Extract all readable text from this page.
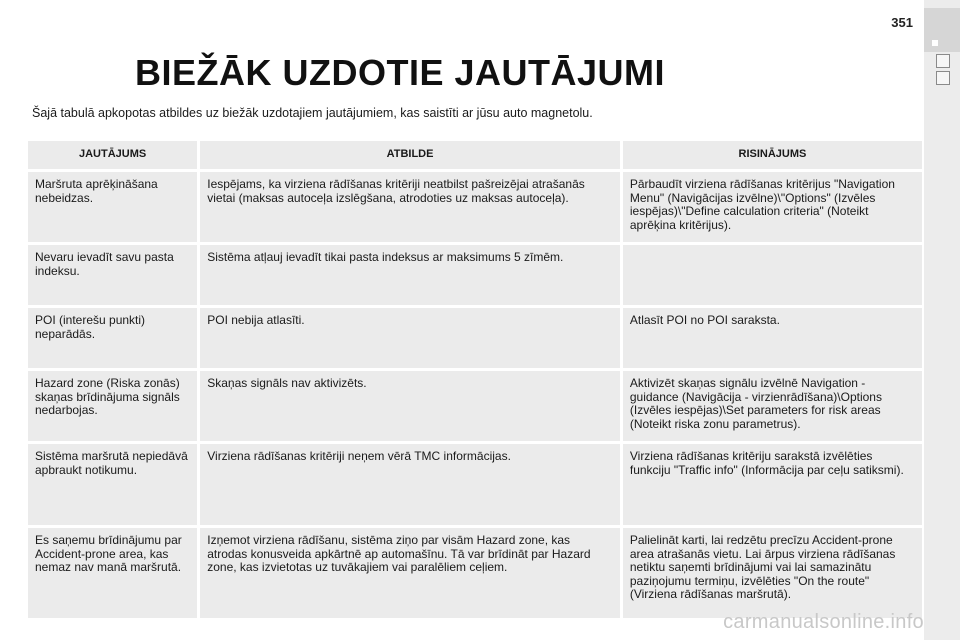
351
BIEŽĀK UZDOTIE JAUTĀJUMI
Šajā tabulā apkopotas atbildes uz biežāk uzdotajiem jautājumiem, kas saistīti ar jūsu auto magnetolu.
JAUTĀJUMS	ATBILDE	RISINĀJUMS
Maršruta aprēķināšana nebeidzas.	Iespējams, ka virziena rādīšanas kritēriji neatbilst pašreizējai atrašanās vietai (maksas autoceļa izslēgšana, atrodoties uz maksas autoceļa).	Pārbaudīt virziena rādīšanas kritērijus "Navigation Menu" (Navigācijas izvēlne)\"Options" (Izvēles iespējas)\"Define calculation criteria" (Noteikt aprēķina kritērijus).
Nevaru ievadīt savu pasta indeksu.	Sistēma atļauj ievadīt tikai pasta indeksus ar maksimums 5 zīmēm.	
POI (interešu punkti) neparādās.	POI nebija atlasīti.	Atlasīt POI no POI saraksta.
Hazard zone (Riska zonās) skaņas brīdinājuma signāls nedarbojas.	Skaņas signāls nav aktivizēts.	Aktivizēt skaņas signālu izvēlnē Navigation - guidance (Navigācija - virzienrādīšana)\Options (Izvēles iespējas)\Set parameters for risk areas (Noteikt riska zonu parametrus).
Sistēma maršrutā nepiedāvā apbraukt notikumu.	Virziena rādīšanas kritēriji neņem vērā TMC informācijas.	Virziena rādīšanas kritēriju sarakstā izvēlēties funkciju "Traffic info" (Informācija par ceļu satiksmi).
Es saņemu brīdinājumu par Accident-prone area, kas nemaz nav manā maršrutā.	Izņemot virziena rādīšanu, sistēma ziņo par visām Hazard zone, kas atrodas konusveida apkārtnē ap automašīnu. Tā var brīdināt par Hazard zone, kas izvietotas uz tuvākajiem vai paralēliem ceļiem.	Palielināt karti, lai redzētu precīzu Accident-prone area atrašanās vietu. Lai ārpus virziena rādīšanas netiktu saņemti brīdinājumi vai lai samazinātu paziņojumu termiņu, izvēlēties "On the route" (Virziena rādīšanas maršrutā).
carmanualsonline.info
